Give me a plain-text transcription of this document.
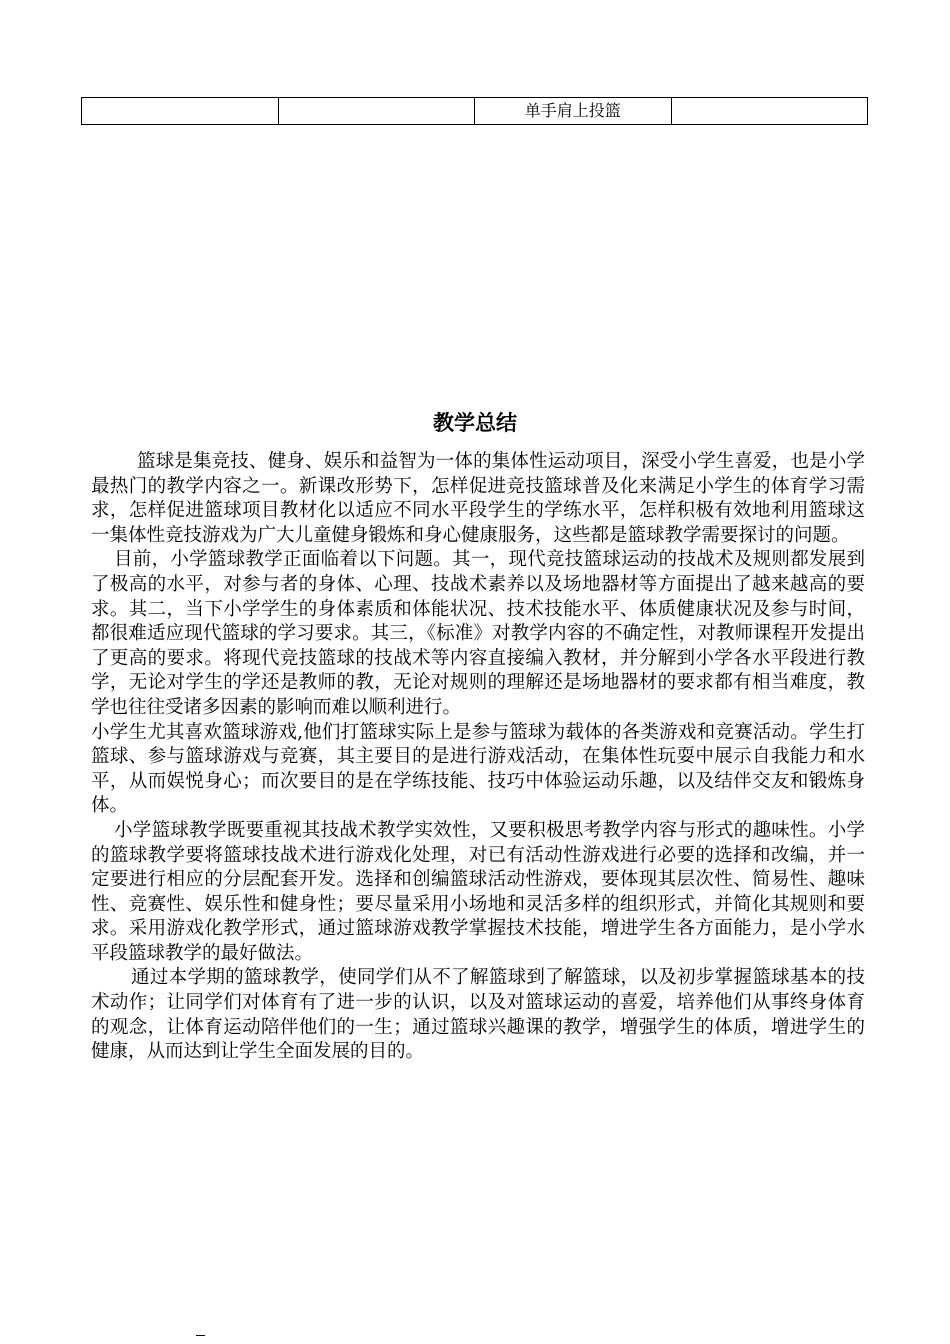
		单手肩上投篮	
教学总结

篮球是集竞技、健身、娱乐和益智为一体的集体性运动项目，深受小学生喜爱，也是小学最热门的教学内容之一。新课改形势下，怎样促进竞技篮球普及化来满足小学生的体育学习需求，怎样促进篮球项目教材化以适应不同水平段学生的学练水平，怎样积极有效地利用篮球这一集体性竞技游戏为广大儿童健身锻炼和身心健康服务，这些都是篮球教学需要探讨的问题。

目前，小学篮球教学正面临着以下问题。其一，现代竞技篮球运动的技战术及规则都发展到了极高的水平，对参与者的身体、心理、技战术素养以及场地器材等方面提出了越来越高的要求。其二，当下小学学生的身体素质和体能状况、技术技能水平、体质健康状况及参与时间，都很难适应现代篮球的学习要求。其三，《标准》对教学内容的不确定性，对教师课程开发提出了更高的要求。将现代竞技篮球的技战术等内容直接编入教材，并分解到小学各水平段进行教学，无论对学生的学还是教师的教，无论对规则的理解还是场地器材的要求都有相当难度，教学也往往受诸多因素的影响而难以顺利进行。

小学生尤其喜欢篮球游戏,他们打篮球实际上是参与篮球为载体的各类游戏和竞赛活动。学生打篮球、参与篮球游戏与竞赛，其主要目的是进行游戏活动，在集体性玩耍中展示自我能力和水平，从而娱悦身心；而次要目的是在学练技能、技巧中体验运动乐趣，以及结伴交友和锻炼身体。

小学篮球教学既要重视其技战术教学实效性，又要积极思考教学内容与形式的趣味性。小学的篮球教学要将篮球技战术进行游戏化处理，对已有活动性游戏进行必要的选择和改编，并一定要进行相应的分层配套开发。选择和创编篮球活动性游戏，要体现其层次性、简易性、趣味性、竞赛性、娱乐性和健身性；要尽量采用小场地和灵活多样的组织形式，并简化其规则和要求。采用游戏化教学形式，通过篮球游戏教学掌握技术技能，增进学生各方面能力，是小学水平段篮球教学的最好做法。

通过本学期的篮球教学，使同学们从不了解篮球到了解篮球，以及初步掌握篮球基本的技术动作；让同学们对体育有了进一步的认识，以及对篮球运动的喜爱，培养他们从事终身体育的观念，让体育运动陪伴他们的一生；通过篮球兴趣课的教学，增强学生的体质，增进学生的健康，从而达到让学生全面发展的目的。
